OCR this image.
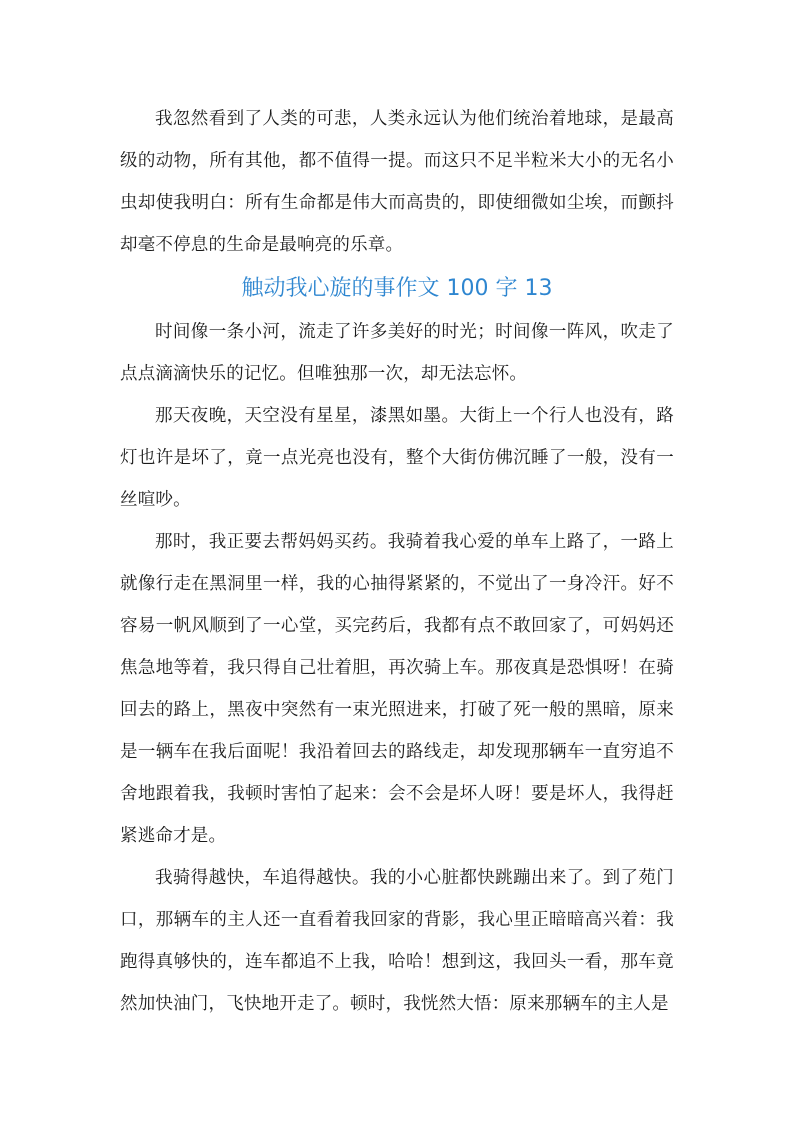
我忽然看到了人类的可悲，人类永远认为他们统治着地球，是最高级的动物，所有其他，都不值得一提。而这只不足半粒米大小的无名小虫却使我明白：所有生命都是伟大而高贵的，即使细微如尘埃，而颤抖却毫不停息的生命是最响亮的乐章。

触动我心旋的事作文 100 字 13

时间像一条小河，流走了许多美好的时光；时间像一阵风，吹走了点点滴滴快乐的记忆。但唯独那一次，却无法忘怀。

那天夜晚，天空没有星星，漆黑如墨。大街上一个行人也没有，路灯也许是坏了，竟一点光亮也没有，整个大街仿佛沉睡了一般，没有一丝喧吵。

那时，我正要去帮妈妈买药。我骑着我心爱的单车上路了，一路上就像行走在黑洞里一样，我的心抽得紧紧的，不觉出了一身冷汗。好不容易一帆风顺到了一心堂，买完药后，我都有点不敢回家了，可妈妈还焦急地等着，我只得自己壮着胆，再次骑上车。那夜真是恐惧呀！在骑回去的路上，黑夜中突然有一束光照进来，打破了死一般的黑暗，原来是一辆车在我后面呢！我沿着回去的路线走，却发现那辆车一直穷追不舍地跟着我，我顿时害怕了起来：会不会是坏人呀！要是坏人，我得赶紧逃命才是。

我骑得越快，车追得越快。我的小心脏都快跳蹦出来了。到了苑门口，那辆车的主人还一直看着我回家的背影，我心里正暗暗高兴着：我跑得真够快的，连车都追不上我，哈哈！想到这，我回头一看，那车竟然加快油门，飞快地开走了。顿时，我恍然大悟：原来那辆车的主人是
